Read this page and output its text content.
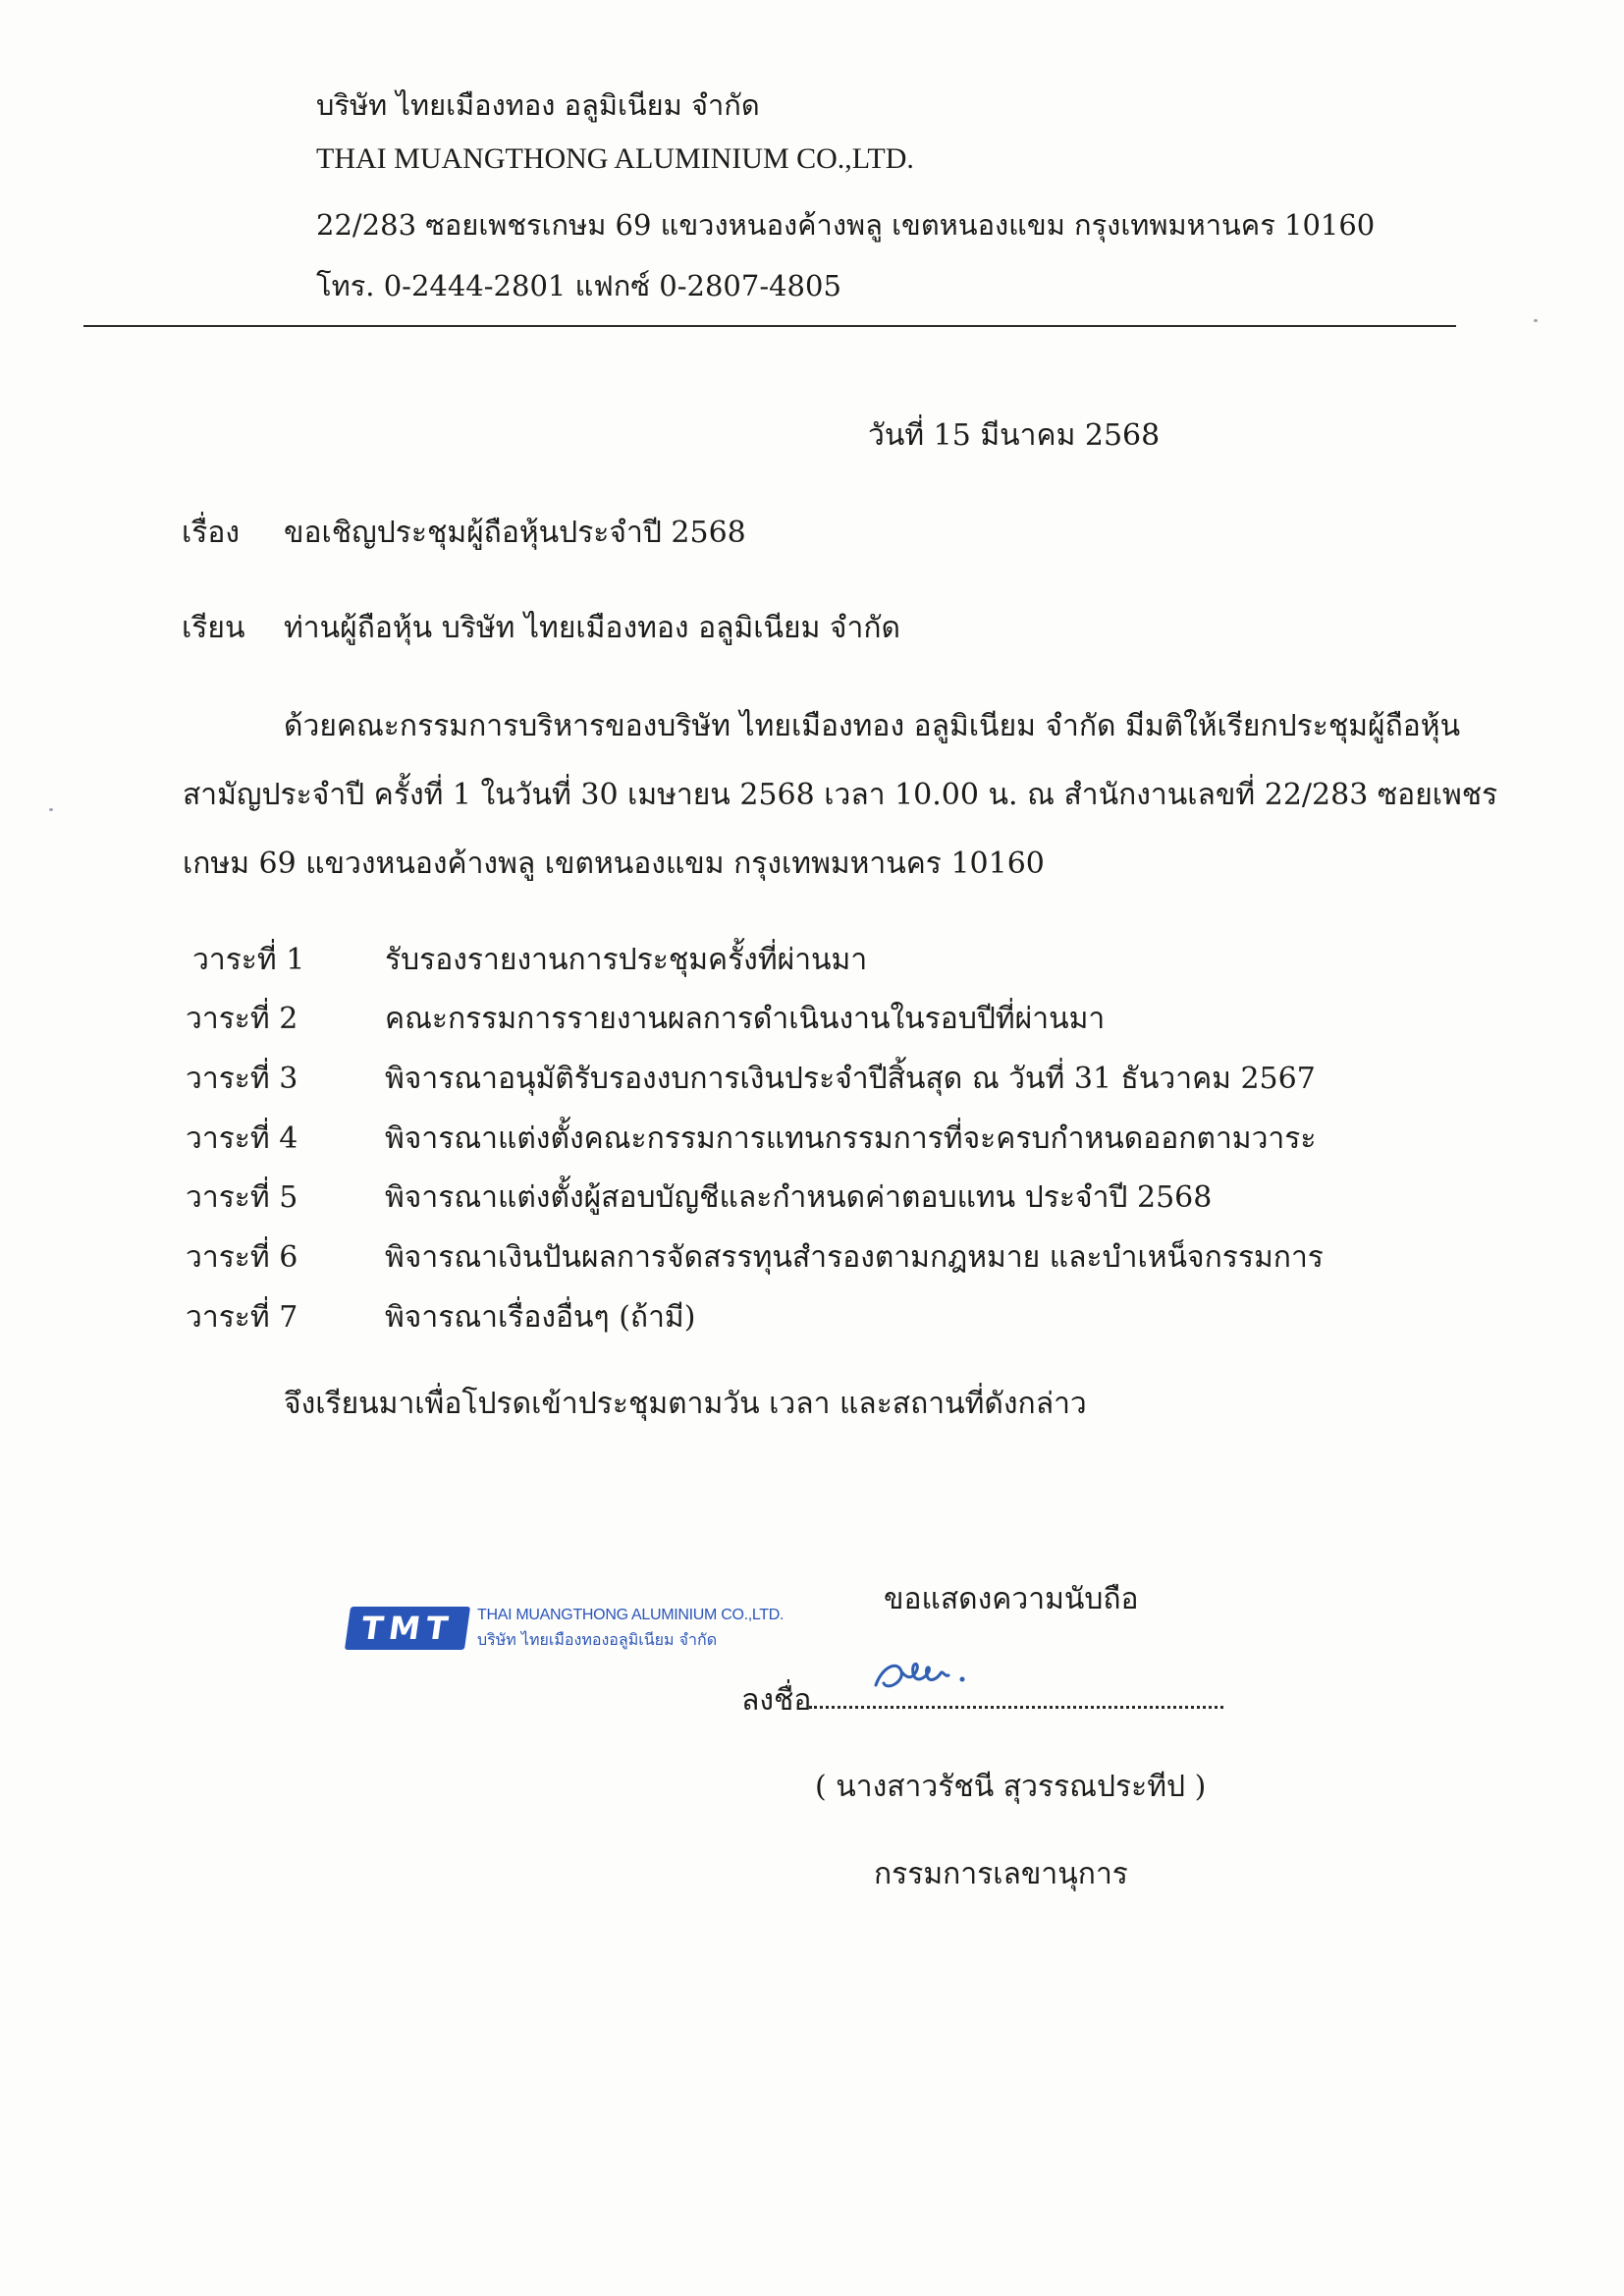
บริษัท ไทยเมืองทอง อลูมิเนียม จำกัด
THAI MUANGTHONG ALUMINIUM CO.,LTD.
22/283 ซอยเพชรเกษม 69 แขวงหนองค้างพลู เขตหนองแขม กรุงเทพมหานคร 10160
โทร. 0-2444-2801 แฟกซ์ 0-2807-4805
วันที่ 15 มีนาคม 2568
เรื่อง ขอเชิญประชุมผู้ถือหุ้นประจำปี 2568
เรียน ท่านผู้ถือหุ้น บริษัท ไทยเมืองทอง อลูมิเนียม จำกัด
ด้วยคณะกรรมการบริหารของบริษัท ไทยเมืองทอง อลูมิเนียม จำกัด มีมติให้เรียกประชุมผู้ถือหุ้น
สามัญประจำปี ครั้งที่ 1 ในวันที่ 30 เมษายน 2568 เวลา 10.00 น. ณ สำนักงานเลขที่ 22/283 ซอยเพชร
เกษม 69 แขวงหนองค้างพลู เขตหนองแขม กรุงเทพมหานคร 10160
วาระที่ 1	รับรองรายงานการประชุมครั้งที่ผ่านมา
วาระที่ 2	คณะกรรมการรายงานผลการดำเนินงานในรอบปีที่ผ่านมา
วาระที่ 3	พิจารณาอนุมัติรับรองงบการเงินประจำปีสิ้นสุด ณ วันที่ 31 ธันวาคม 2567
วาระที่ 4	พิจารณาแต่งตั้งคณะกรรมการแทนกรรมการที่จะครบกำหนดออกตามวาระ
วาระที่ 5	พิจารณาแต่งตั้งผู้สอบบัญชีและกำหนดค่าตอบแทน ประจำปี 2568
วาระที่ 6	พิจารณาเงินปันผลการจัดสรรทุนสำรองตามกฎหมาย และบำเหน็จกรรมการ
วาระที่ 7	พิจารณาเรื่องอื่นๆ (ถ้ามี)
จึงเรียนมาเพื่อโปรดเข้าประชุมตามวัน เวลา และสถานที่ดังกล่าว
ขอแสดงความนับถือ
TMT	THAI MUANGTHONG ALUMINIUM CO.,LTD.
บริษัท ไทยเมืองทองอลูมิเนียม จำกัด
ลงชื่อ
( นางสาวรัชนี สุวรรณประทีป )
กรรมการเลขานุการ
